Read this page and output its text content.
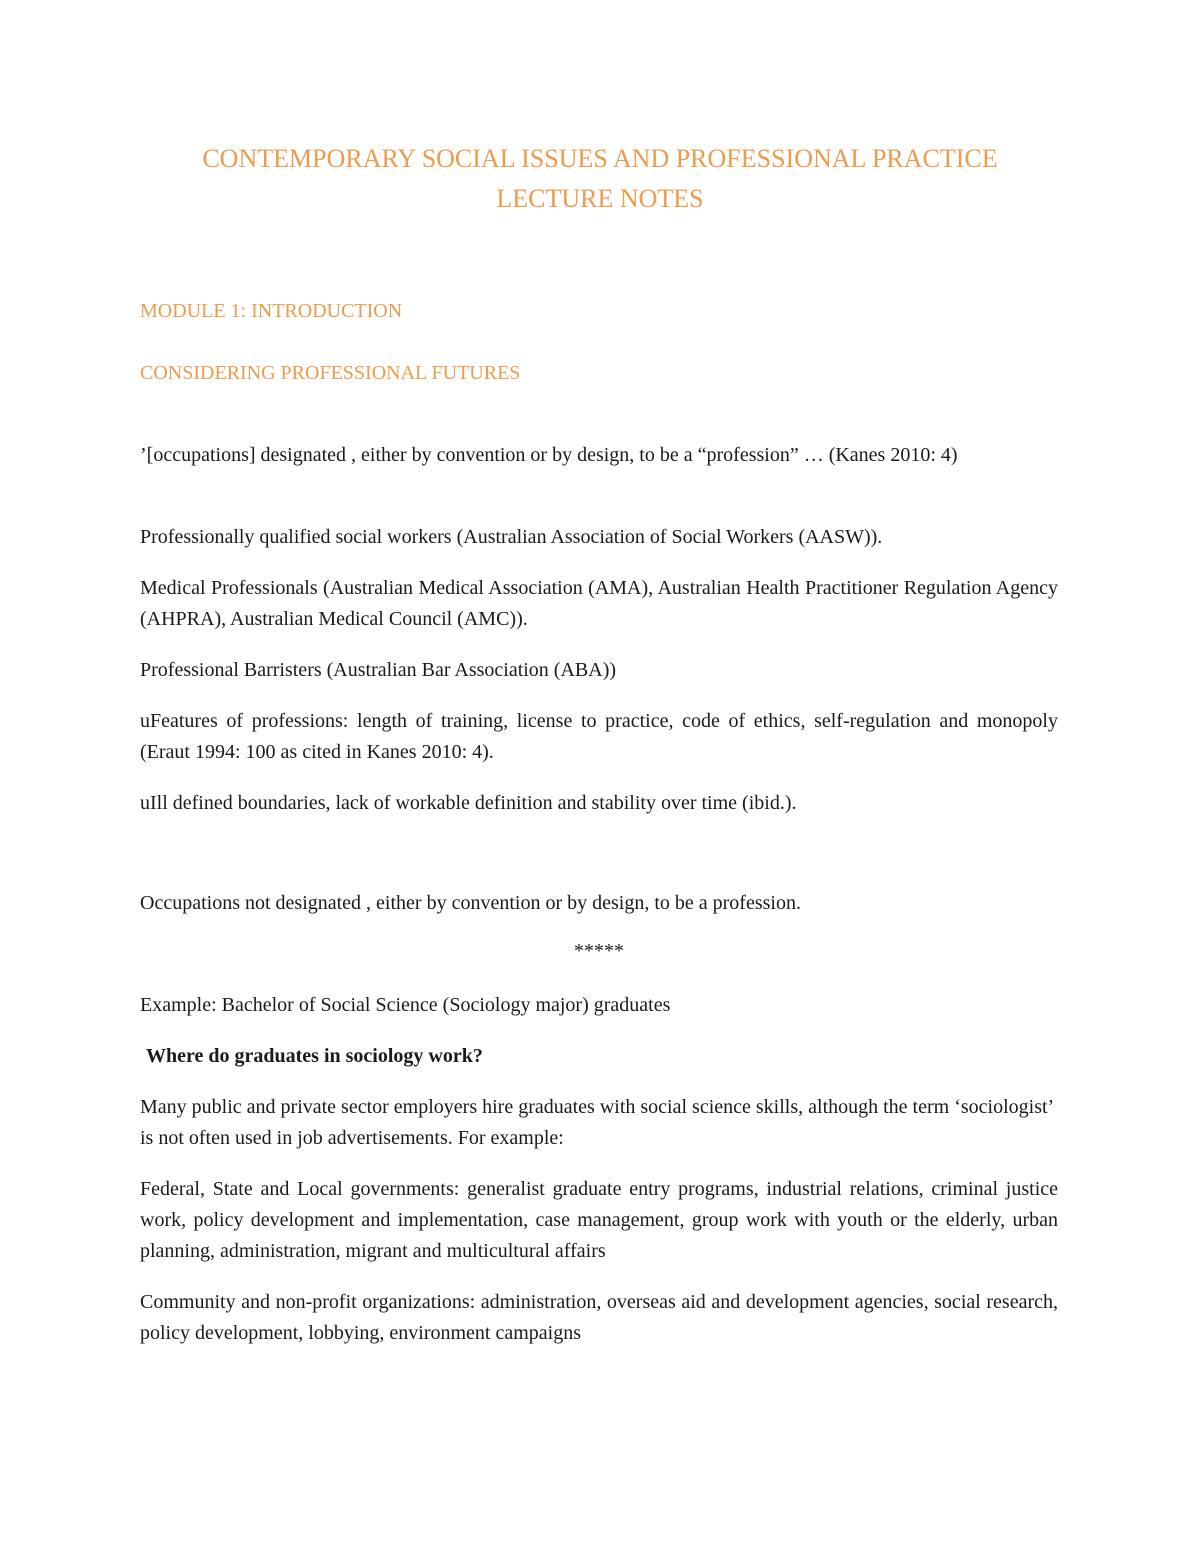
CONTEMPORARY SOCIAL ISSUES AND PROFESSIONAL PRACTICE
LECTURE NOTES
MODULE 1: INTRODUCTION
CONSIDERING PROFESSIONAL FUTURES

’[occupations] designated , either by convention or by design, to be a “profession” … (Kanes 2010: 4)

Professionally qualified social workers (Australian Association of Social Workers (AASW)).

Medical Professionals (Australian Medical Association (AMA), Australian Health Practitioner Regulation Agency (AHPRA), Australian Medical Council (AMC)).

Professional Barristers (Australian Bar Association (ABA))

uFeatures of professions: length of training, license to practice, code of ethics, self-regulation and monopoly (Eraut 1994: 100 as cited in Kanes 2010: 4).

uIll defined boundaries, lack of workable definition and stability over time (ibid.).

Occupations not designated , either by convention or by design, to be a profession.

*****

Example: Bachelor of Social Science (Sociology major) graduates

Where do graduates in sociology work?

Many public and private sector employers hire graduates with social science skills, although the term ‘sociologist’ is not often used in job advertisements. For example:

Federal, State and Local governments: generalist graduate entry programs, industrial relations, criminal justice work, policy development and implementation, case management, group work with youth or the elderly, urban planning, administration, migrant and multicultural affairs

Community and non-profit organizations: administration, overseas aid and development agencies, social research, policy development, lobbying, environment campaigns
